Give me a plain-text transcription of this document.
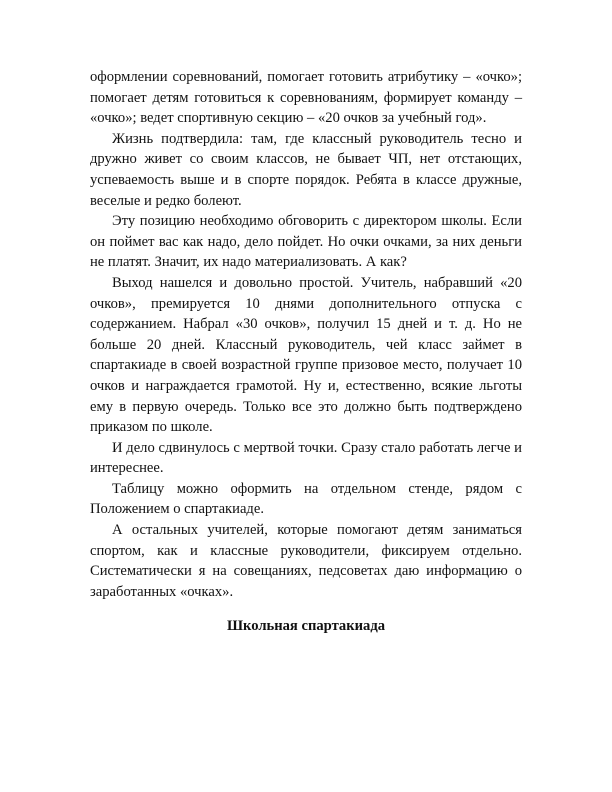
оформлении соревнований, помогает готовить атрибутику – «очко»; помогает детям готовиться к соревнованиям, формирует команду – «очко»; ведет спортивную секцию – «20 очков за учебный год».

Жизнь подтвердила: там, где классный руководитель тесно и дружно живет со своим классов, не бывает ЧП, нет отстающих, успеваемость выше и в спорте порядок. Ребята в классе дружные, веселые и редко болеют.

Эту позицию необходимо обговорить с директором школы. Если он поймет вас как надо, дело пойдет. Но очки очками, за них деньги не платят. Значит, их надо материализовать. А как?

Выход нашелся и довольно простой. Учитель, набравший «20 очков», премируется 10 днями дополнительного отпуска с содержанием. Набрал «30 очков», получил 15 дней и т. д. Но не больше 20 дней. Классный руководитель, чей класс займет в спартакиаде в своей возрастной группе призовое место, получает 10 очков и награждается грамотой. Ну и, естественно, всякие льготы ему в первую очередь. Только все это должно быть подтверждено приказом по школе.

И дело сдвинулось с мертвой точки. Сразу стало работать легче и интереснее.

Таблицу можно оформить на отдельном стенде, рядом с Положением о спартакиаде.

А остальных учителей, которые помогают детям заниматься спортом, как и классные руководители, фиксируем отдельно. Систематически я на совещаниях, педсоветах даю информацию о заработанных «очках».

Школьная спартакиада
